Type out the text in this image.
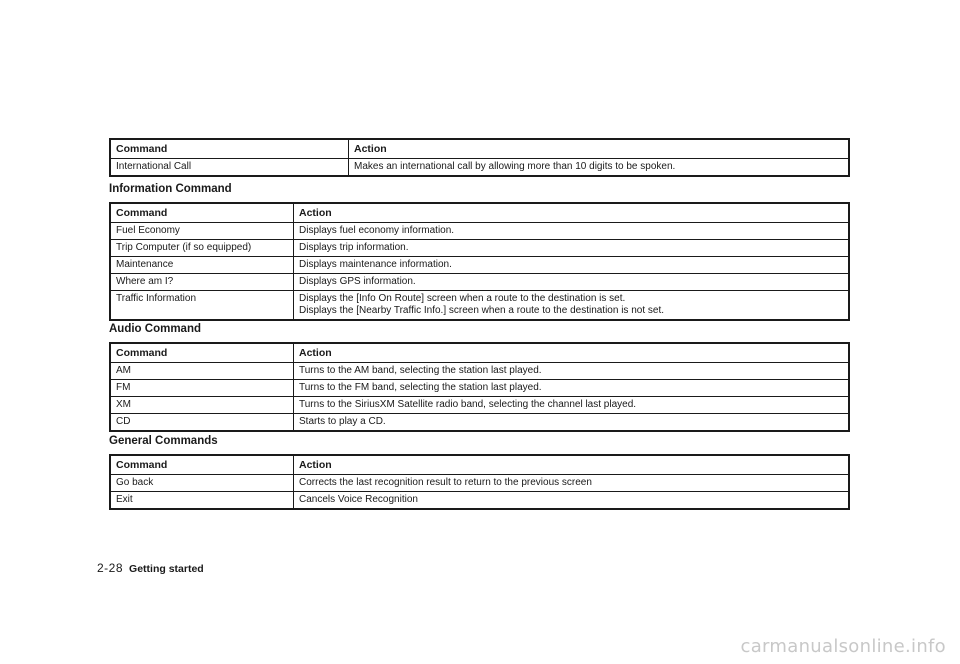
Command	Action
International Call	Makes an international call by allowing more than 10 digits to be spoken.
Information Command
Command	Action
Fuel Economy	Displays fuel economy information.
Trip Computer (if so equipped)	Displays trip information.
Maintenance	Displays maintenance information.
Where am I?	Displays GPS information.
Traffic Information	Displays the [Info On Route] screen when a route to the destination is set.
Displays the [Nearby Traffic Info.] screen when a route to the destination is not set.
Audio Command
Command	Action
AM	Turns to the AM band, selecting the station last played.
FM	Turns to the FM band, selecting the station last played.
XM	Turns to the SiriusXM Satellite radio band, selecting the channel last played.
CD	Starts to play a CD.
General Commands
Command	Action
Go back	Corrects the last recognition result to return to the previous screen
Exit	Cancels Voice Recognition
2-28 Getting started
carmanualsonline.info
